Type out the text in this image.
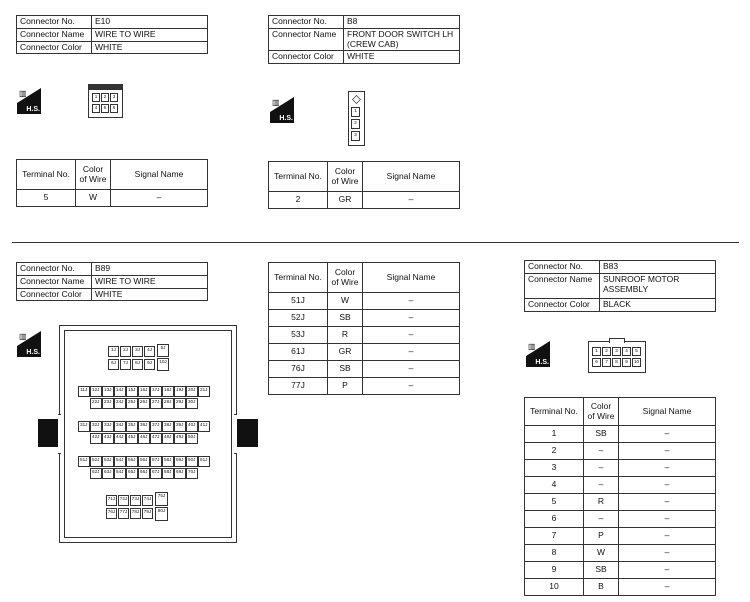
Connector No.	E10
Connector Name	WIRE TO WIRE
Connector Color	WHITE
▥
H.S.
1	2	3
4	5	6
Terminal No.	Color of Wire	Signal Name
5	W	–
Connector No.	B8
Connector Name	FRONT DOOR SWITCH LH (CREW CAB)
Connector Color	WHITE
▥
H.S.
1
2
3
Terminal No.	Color of Wire	Signal Name
2	GR	–
Connector No.	B89
Connector Name	WIRE TO WIRE
Connector Color	WHITE
▥
H.S.	1J	2J	3J	4J
6J	7J	8J	9J
5J
10J
11J	12J 13J 14J 15J 16J 17J 18J 19J 20J 21J
22J 23J 24J 25J 26J 27J 28J 29J 30J
31J 32J 33J 34J 35J 36J 37J 38J 39J 40J 41J
42J 43J 44J 45J 46J 47J 48J 49J 50J
51J 52J 53J 54J 55J 56J 57J 58J 59J 60J 61J
62J 63J 64J 65J 66J 67J 68J 69J 70J
71J 72J 73J 74J
76J 77J 78J 79J
75J
80J
Terminal No.	Color of Wire	Signal Name
51J	W	–
52J	SB	–
53J	R	–
61J	GR	–
76J	SB	–
77J	P	–
Connector No.	B83
Connector Name	SUNROOF MOTOR ASSEMBLY
Connector Color	BLACK
▥
H.S.
1	2	3	4	5
6	7	8	9	10
Terminal No.	Color of Wire	Signal Name
1	SB	–
2	–	–
3	–	–
4	–	–
5	R	–
6	–	–
7	P	–
8	W	–
9	SB	–
10	B	–
